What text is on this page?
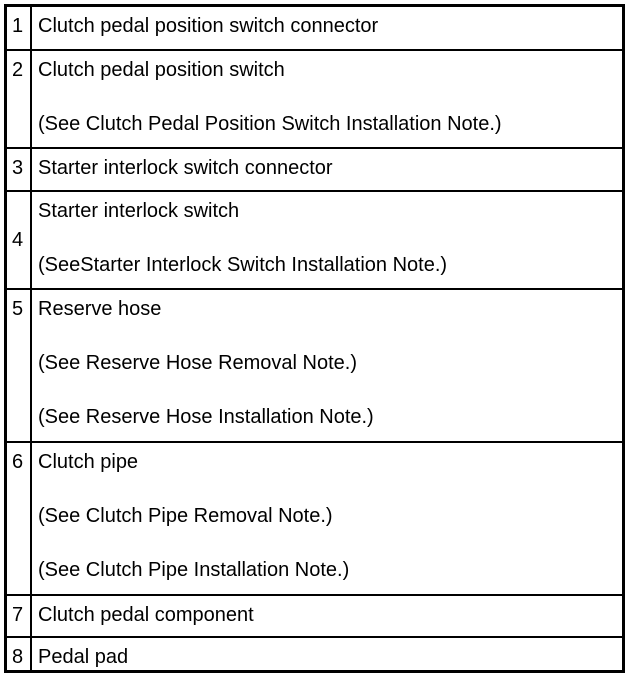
1 Clutch pedal position switch connector
2 Clutch pedal position switch
(See Clutch Pedal Position Switch Installation Note.)
3 Starter interlock switch connector
4
Starter interlock switch
(SeeStarter Interlock Switch Installation Note.)
5 Reserve hose
(See Reserve Hose Removal Note.)
(See Reserve Hose Installation Note.)
6 Clutch pipe
(See Clutch Pipe Removal Note.)
(See Clutch Pipe Installation Note.)
7 Clutch pedal component
8 Pedal pad
